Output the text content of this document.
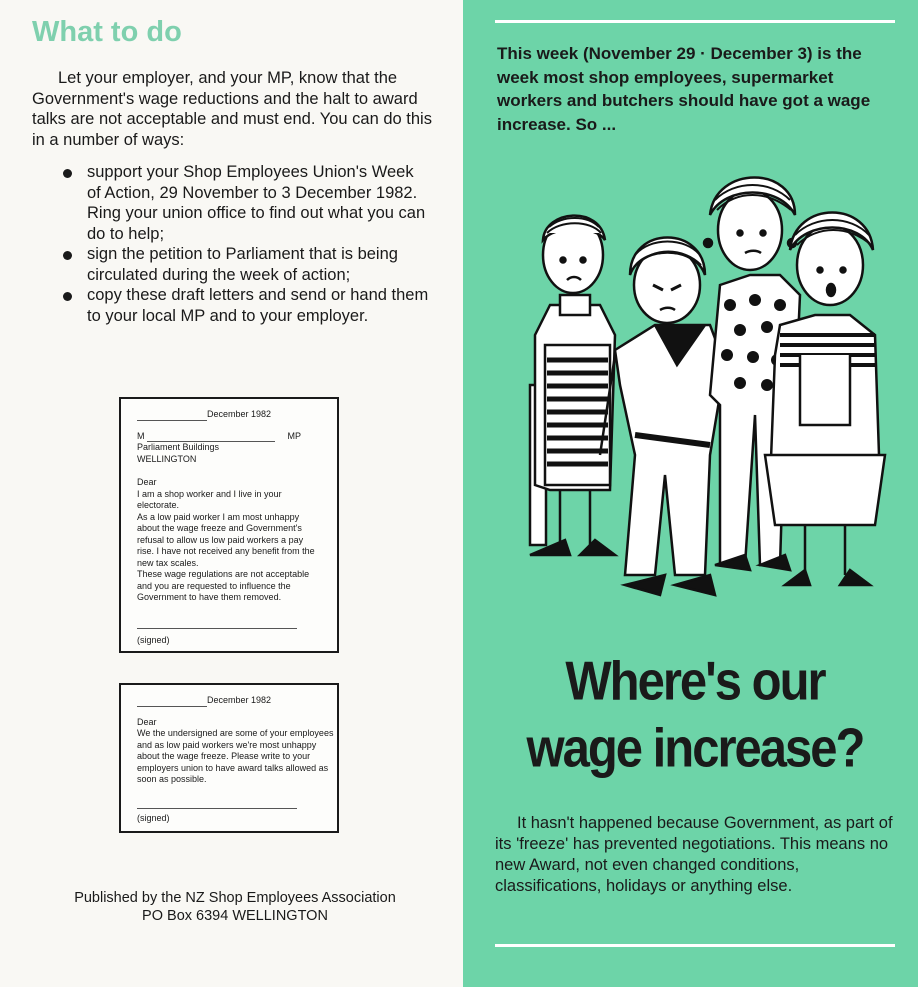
What to do
Let your employer, and your MP, know that the Government's wage reductions and the halt to award talks are not acceptable and must end. You can do this in a number of ways:
support your Shop Employees Union's Week of Action, 29 November to 3 December 1982. Ring your union office to find out what you can do to help;
sign the petition to Parliament that is being circulated during the week of action;
copy these draft letters and send or hand them to your local MP and to your employer.

December 1982

M	MP

Parliament Buildings

WELLINGTON

Dear

I am a shop worker and I live in your electorate.

As a low paid worker I am most unhappy about the wage freeze and Government's refusal to allow us low paid workers a pay rise. I have not received any benefit from the new tax scales.

These wage regulations are not acceptable and you are requested to influence the Government to have them removed.

(signed)

December 1982

Dear

We the undersigned are some of your employees and as low paid workers we're most unhappy about the wage freeze. Please write to your employers union to have award talks allowed as soon as possible.

(signed)

Published by the NZ Shop Employees Association
PO Box 6394 WELLINGTON
This week (November 29 · December 3) is the week most shop employees, supermarket workers and butchers should have got a wage increase. So ...
Where's our
wage increase?
It hasn't happened because Government, as part of its 'freeze' has prevented negotiations. This means no new Award, not even changed conditions, classifications, holidays or anything else.
